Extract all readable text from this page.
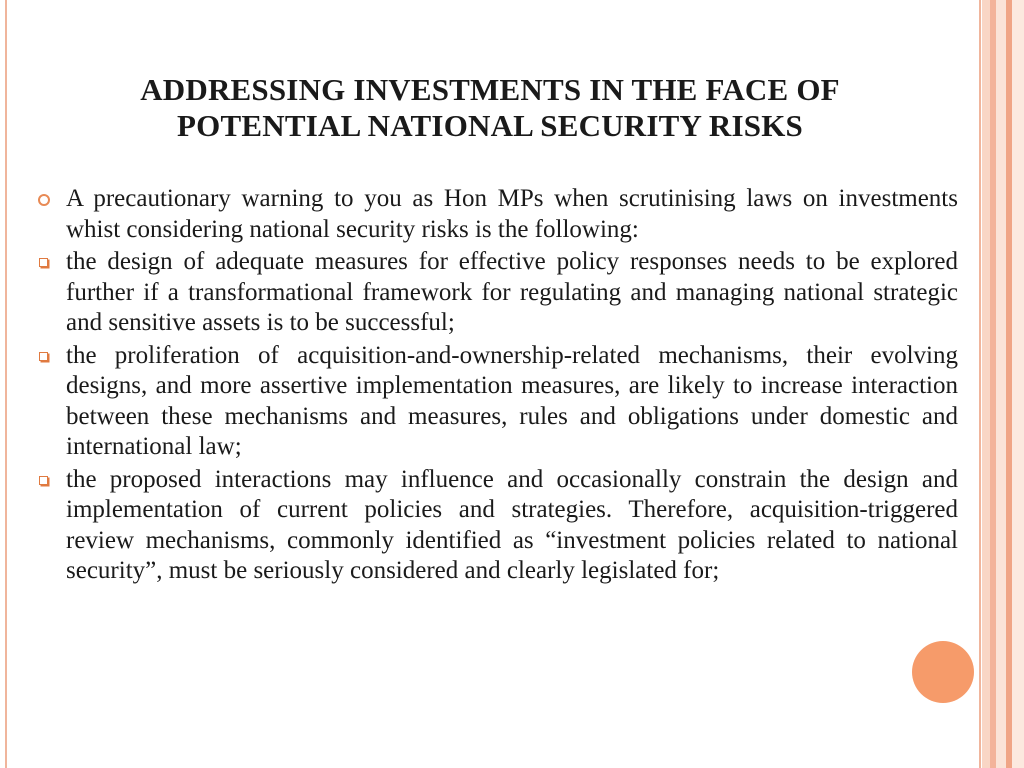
ADDRESSING INVESTMENTS IN THE FACE OF
POTENTIAL NATIONAL SECURITY RISKS
A precautionary warning to you as Hon MPs when scrutinising laws on investments whist considering national security risks is the following:
the design of adequate measures for effective policy responses needs to be explored further if a transformational framework for regulating and managing national strategic and sensitive assets is to be successful;
the proliferation of acquisition-and-ownership-related mechanisms, their evolving designs, and more assertive implementation measures, are likely to increase interaction between these mechanisms and measures, rules and obligations under domestic and international law;
the proposed interactions may influence and occasionally constrain the design and implementation of current policies and strategies. Therefore, acquisition-triggered review mechanisms, commonly identified as “investment policies related to national security”, must be seriously considered and clearly legislated for;
